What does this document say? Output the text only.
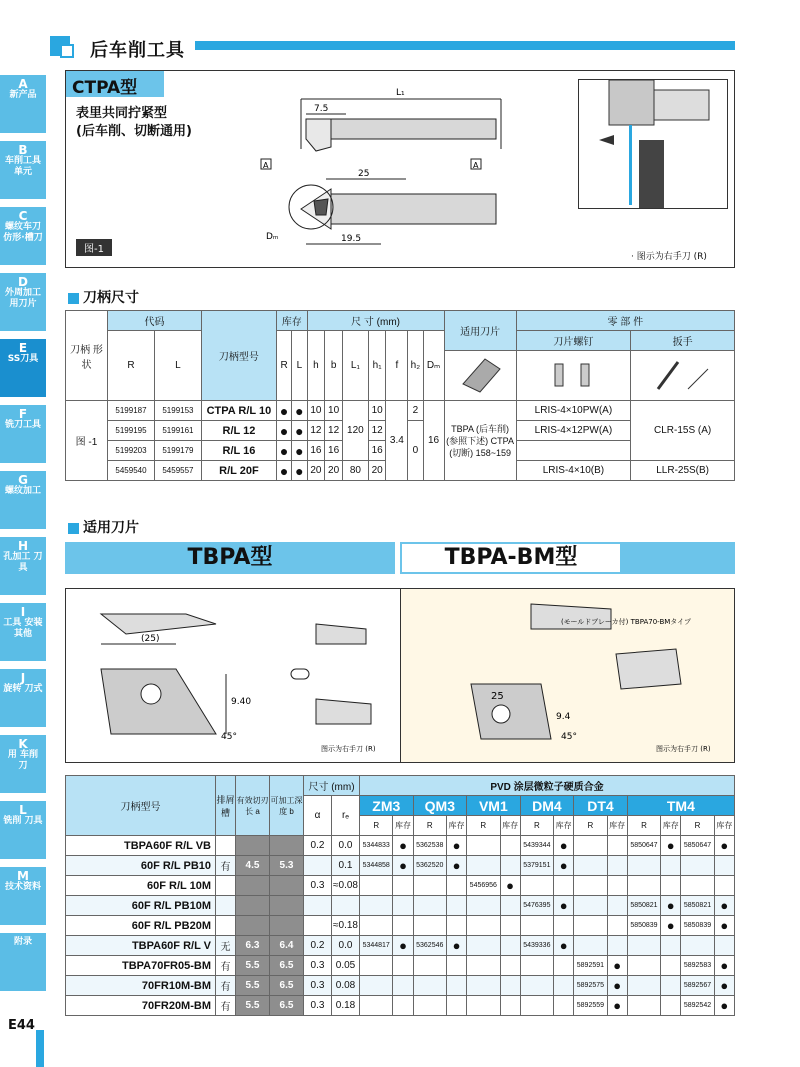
后车削工具
A
新产品
B
车削工具 单元
C
螺纹车刀 仿形·槽刀
D
外周加工 用刀片
E
SS刀具
F
铣刀工具
G
螺纹加工
H
孔加工 刀具
I
工具 安装 其他
J
旋转 刀式
K
用 车削 刀
L
铣削 刀具
M
技术资料
附录
CTPA型
表里共同拧紧型
(后车削、切断通用)
L₁
7.5
25
19.5
A	A
Dₘ
图-1
· 图示为右手刀 (R)
刀柄尺寸
刀柄 形状	代码		刀柄型号	库存		尺 寸 (mm)							适用刀片	零 部 件	
	R	L		R	L	h	b	L₁	h₁	f	h₂	Dₘ		刀片螺钉	扳手

图 -1	5199187	5199153	CTPA R/L 10	●	●	10	10	120	10	3.4	2	16	TBPA (后车削) (参照下述) CTPA (切断) 158~159	LRIS-4×10PW(A)	CLR-15S (A)
	5199195	5199161	R/L 12	●	●	12	12		12		0			LRIS-4×12PW(A)	
	5199203	5199179	R/L 16	●	●	16	16		16						
	5459540	5459557	R/L 20F	●	●	20	20	80	20					LRIS-4×10(B)	LLR-25S(B)
适用刀片
TBPA型	TBPA-BM型
(25)
9.40
45°
图示为右手刀 (R)
(モールドブレーカ付) TBPA70-BMタイプ
25
9.4
45°
图示为右手刀 (R)
刀柄型号	排屑槽	有效切刃长 a	可加工深度 b	尺寸 (mm)		PVD 涂层微粒子硬质合金													
				α	rₑ	ZM3		QM3		VM1		DM4		DT4		TM4			
						R	库存	R	库存	R	库存	R	库存	R	库存	R	库存	R	库存
TBPA60F R/L VB				0.2	0.0	5344833	●	5362538	●			5439344	●			5850647	●	5850647	●
60F R/L PB10	有	4.5	5.3		0.1	5344858	●	5362520	●			5379151	●						
60F R/L 10M				0.3	≈0.08					5456956	●								
60F R/L PB10M												5476395	●			5850821	●	5850821	●
60F R/L PB20M					≈0.18											5850839	●	5850839	●
TBPA60F R/L V	无	6.3	6.4	0.2	0.0	5344817	●	5362546	●			5439336	●						
TBPA70FR05-BM	有	5.5	6.5	0.3	0.05									5892591	●			5892583	●
70FR10M-BM	有	5.5	6.5	0.3	0.08									5892575	●			5892567	●
70FR20M-BM	有	5.5	6.5	0.3	0.18									5892559	●			5892542	●
E44
